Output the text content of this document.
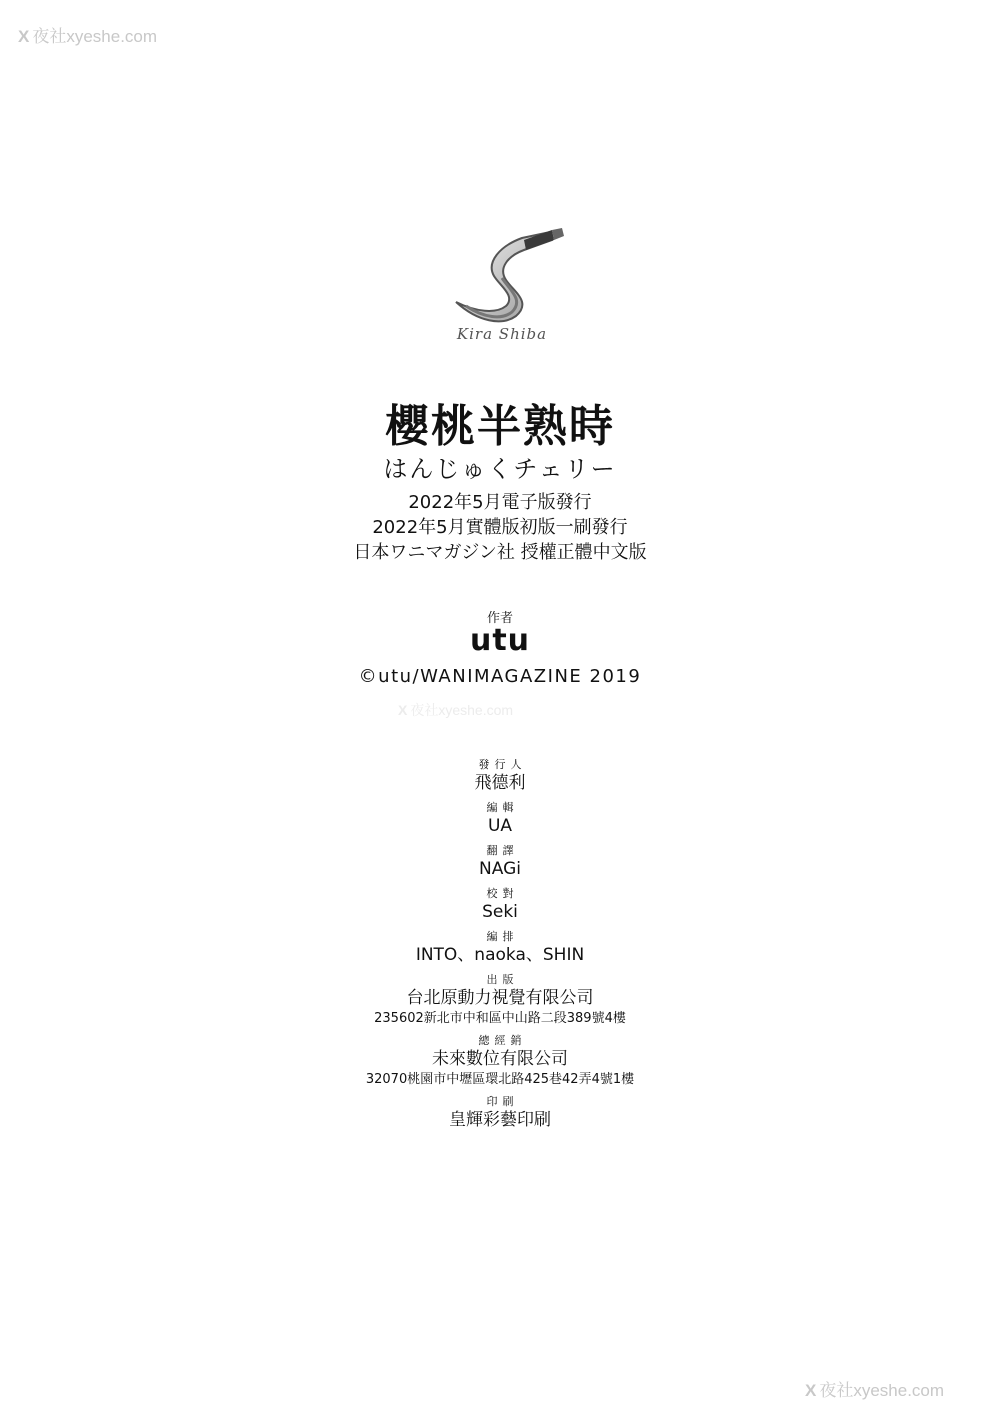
X 夜社xyeshe.com
X 夜社xyeshe.com
X 夜社xyeshe.com
Kira Shiba
櫻桃半熟時
はんじゅくチェリー
2022年5月電子版發行
2022年5月實體版初版一刷發行
日本ワニマガジン社 授權正體中文版
作者
utu
©utu/WANIMAGAZINE 2019
發行人
飛德利
編輯
UA
翻譯
NAGi
校對
Seki
編排
INTO、naoka、SHIN
出版
台北原動力視覺有限公司
235602新北市中和區中山路二段389號4樓
總經銷
未來數位有限公司
32070桃園市中壢區環北路425巷42弄4號1樓
印刷
皇輝彩藝印刷
